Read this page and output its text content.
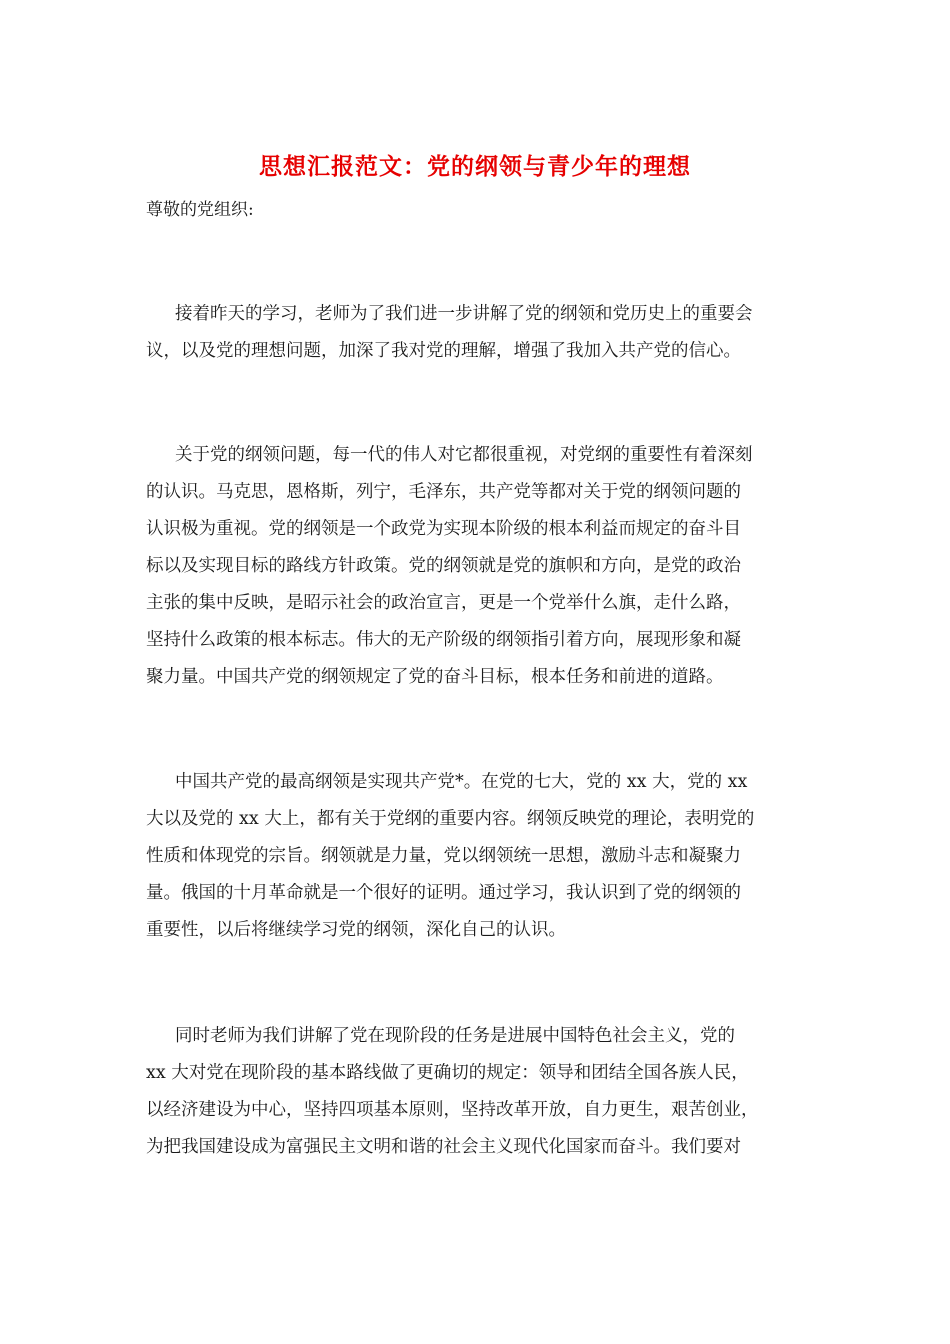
思想汇报范文：党的纲领与青少年的理想

尊敬的党组织:

接着昨天的学习，老师为了我们进一步讲解了党的纲领和党历史上的重要会
议，以及党的理想问题，加深了我对党的理解，增强了我加入共产党的信心。
关于党的纲领问题，每一代的伟人对它都很重视，对党纲的重要性有着深刻
的认识。马克思，恩格斯，列宁，毛泽东，共产党等都对关于党的纲领问题的
认识极为重视。党的纲领是一个政党为实现本阶级的根本利益而规定的奋斗目
标以及实现目标的路线方针政策。党的纲领就是党的旗帜和方向，是党的政治
主张的集中反映，是昭示社会的政治宣言，更是一个党举什么旗，走什么路，
坚持什么政策的根本标志。伟大的无产阶级的纲领指引着方向，展现形象和凝
聚力量。中国共产党的纲领规定了党的奋斗目标，根本任务和前进的道路。
中国共产党的最高纲领是实现共产党*。在党的七大，党的 xx 大，党的 xx
大以及党的 xx 大上，都有关于党纲的重要内容。纲领反映党的理论，表明党的
性质和体现党的宗旨。纲领就是力量，党以纲领统一思想，激励斗志和凝聚力
量。俄国的十月革命就是一个很好的证明。通过学习，我认识到了党的纲领的
重要性，以后将继续学习党的纲领，深化自己的认识。
同时老师为我们讲解了党在现阶段的任务是进展中国特色社会主义，党的
xx 大对党在现阶段的基本路线做了更确切的规定：领导和团结全国各族人民，
以经济建设为中心，坚持四项基本原则，坚持改革开放，自力更生，艰苦创业，
为把我国建设成为富强民主文明和谐的社会主义现代化国家而奋斗。我们要对
